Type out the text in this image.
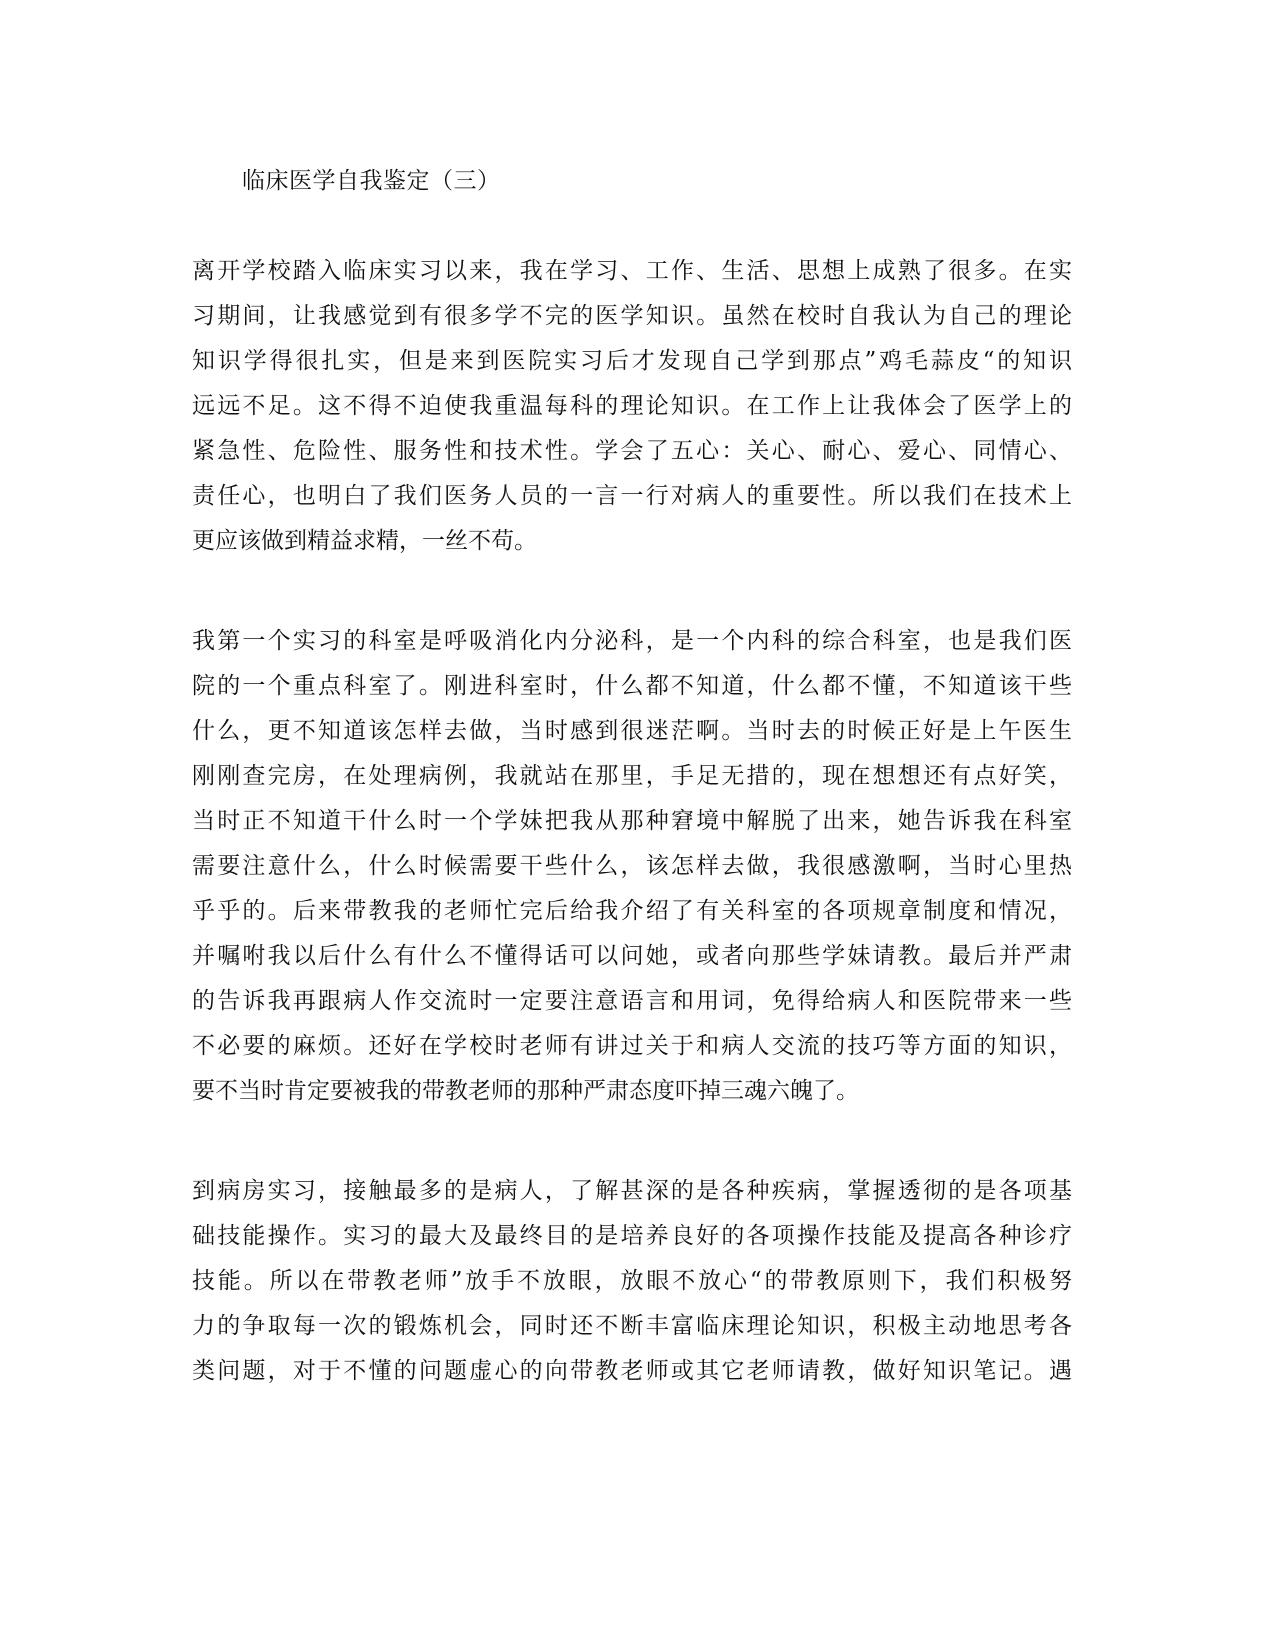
临床医学自我鉴定（三）
离开学校踏入临床实习以来，我在学习、工作、生活、思想上成熟了很多。在实
习期间，让我感觉到有很多学不完的医学知识。虽然在校时自我认为自己的理论
知识学得很扎实，但是来到医院实习后才发现自己学到那点”鸡毛蒜皮“的知识
远远不足。这不得不迫使我重温每科的理论知识。在工作上让我体会了医学上的
紧急性、危险性、服务性和技术性。学会了五心：关心、耐心、爱心、同情心、
责任心，也明白了我们医务人员的一言一行对病人的重要性。所以我们在技术上
更应该做到精益求精，一丝不苟。
我第一个实习的科室是呼吸消化内分泌科，是一个内科的综合科室，也是我们医
院的一个重点科室了。刚进科室时，什么都不知道，什么都不懂，不知道该干些
什么，更不知道该怎样去做，当时感到很迷茫啊。当时去的时候正好是上午医生
刚刚查完房，在处理病例，我就站在那里，手足无措的，现在想想还有点好笑，
当时正不知道干什么时一个学妹把我从那种窘境中解脱了出来，她告诉我在科室
需要注意什么，什么时候需要干些什么，该怎样去做，我很感激啊，当时心里热
乎乎的。后来带教我的老师忙完后给我介绍了有关科室的各项规章制度和情况，
并嘱咐我以后什么有什么不懂得话可以问她，或者向那些学妹请教。最后并严肃
的告诉我再跟病人作交流时一定要注意语言和用词，免得给病人和医院带来一些
不必要的麻烦。还好在学校时老师有讲过关于和病人交流的技巧等方面的知识，
要不当时肯定要被我的带教老师的那种严肃态度吓掉三魂六魄了。
到病房实习，接触最多的是病人，了解甚深的是各种疾病，掌握透彻的是各项基
础技能操作。实习的最大及最终目的是培养良好的各项操作技能及提高各种诊疗
技能。所以在带教老师”放手不放眼，放眼不放心“的带教原则下，我们积极努
力的争取每一次的锻炼机会，同时还不断丰富临床理论知识，积极主动地思考各
类问题，对于不懂的问题虚心的向带教老师或其它老师请教，做好知识笔记。遇
